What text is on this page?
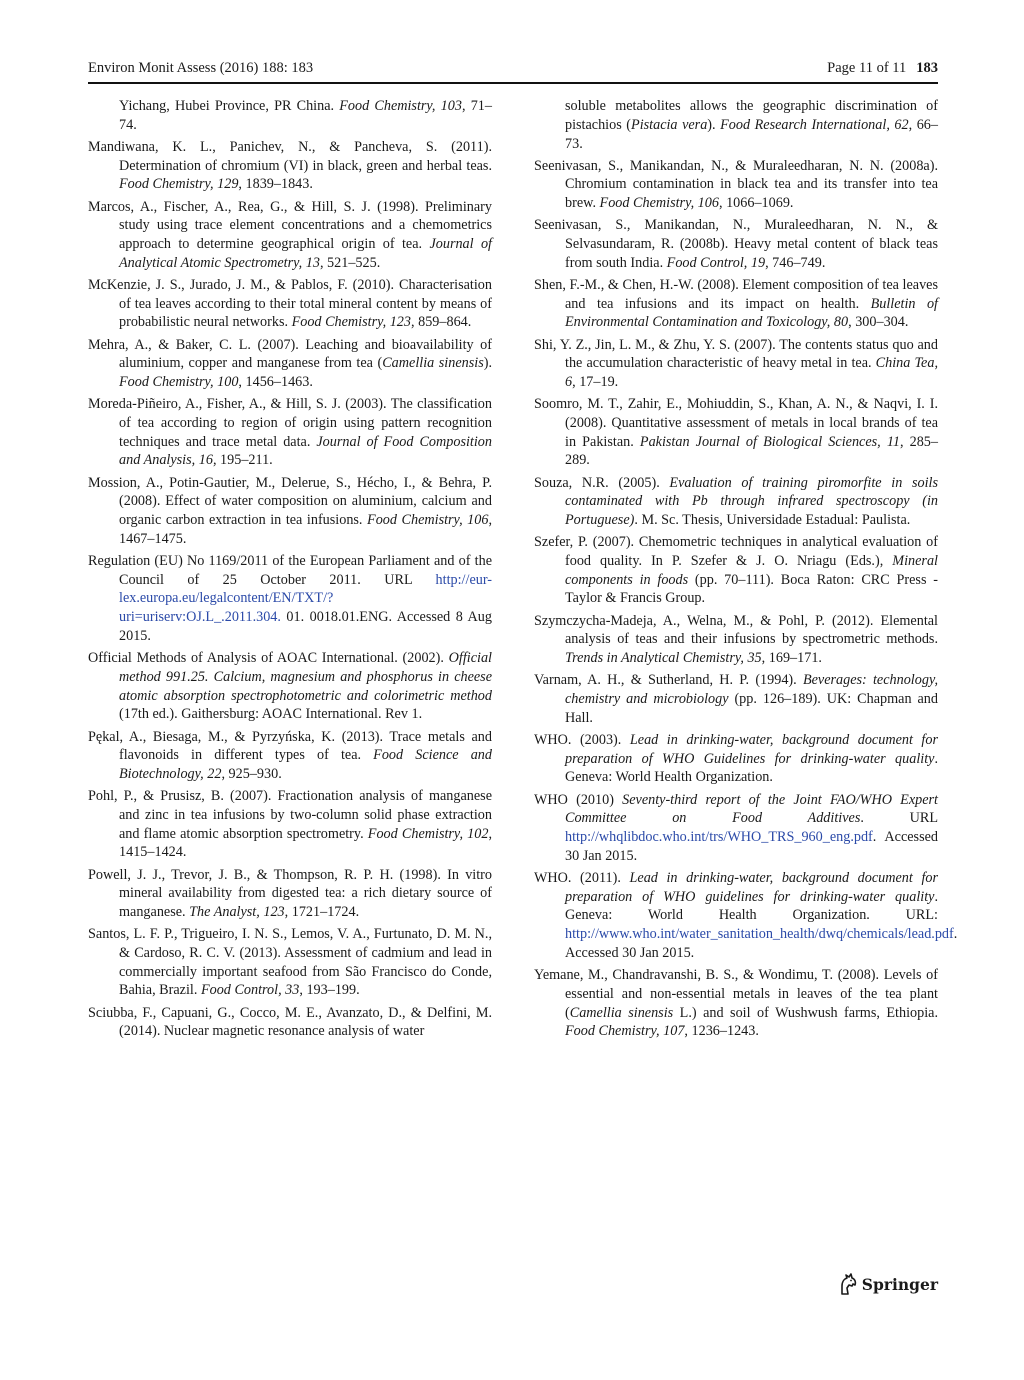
Environ Monit Assess (2016) 188: 183	Page 11 of 11 183

Yichang, Hubei Province, PR China. Food Chemistry, 103, 71–74.

Mandiwana, K. L., Panichev, N., & Pancheva, S. (2011). Determination of chromium (VI) in black, green and herbal teas. Food Chemistry, 129, 1839–1843.

Marcos, A., Fischer, A., Rea, G., & Hill, S. J. (1998). Preliminary study using trace element concentrations and a chemometrics approach to determine geographical origin of tea. Journal of Analytical Atomic Spectrometry, 13, 521–525.

McKenzie, J. S., Jurado, J. M., & Pablos, F. (2010). Characterisation of tea leaves according to their total mineral content by means of probabilistic neural networks. Food Chemistry, 123, 859–864.

Mehra, A., & Baker, C. L. (2007). Leaching and bioavailability of aluminium, copper and manganese from tea (Camellia sinensis). Food Chemistry, 100, 1456–1463.

Moreda-Piñeiro, A., Fisher, A., & Hill, S. J. (2003). The classification of tea according to region of origin using pattern recognition techniques and trace metal data. Journal of Food Composition and Analysis, 16, 195–211.

Mossion, A., Potin-Gautier, M., Delerue, S., Hécho, I., & Behra, P. (2008). Effect of water composition on aluminium, calcium and organic carbon extraction in tea infusions. Food Chemistry, 106, 1467–1475.

Regulation (EU) No 1169/2011 of the European Parliament and of the Council of 25 October 2011. URL http://eur-lex.europa.eu/legalcontent/EN/TXT/?uri=uriserv:OJ.L_.2011.304. 01. 0018.01.ENG. Accessed 8 Aug 2015.

Official Methods of Analysis of AOAC International. (2002). Official method 991.25. Calcium, magnesium and phosphorus in cheese atomic absorption spectrophotometric and colorimetric method (17th ed.). Gaithersburg: AOAC International. Rev 1.

Pękal, A., Biesaga, M., & Pyrzyńska, K. (2013). Trace metals and flavonoids in different types of tea. Food Science and Biotechnology, 22, 925–930.

Pohl, P., & Prusisz, B. (2007). Fractionation analysis of manganese and zinc in tea infusions by two-column solid phase extraction and flame atomic absorption spectrometry. Food Chemistry, 102, 1415–1424.

Powell, J. J., Trevor, J. B., & Thompson, R. P. H. (1998). In vitro mineral availability from digested tea: a rich dietary source of manganese. The Analyst, 123, 1721–1724.

Santos, L. F. P., Trigueiro, I. N. S., Lemos, V. A., Furtunato, D. M. N., & Cardoso, R. C. V. (2013). Assessment of cadmium and lead in commercially important seafood from São Francisco do Conde, Bahia, Brazil. Food Control, 33, 193–199.

Sciubba, F., Capuani, G., Cocco, M. E., Avanzato, D., & Delfini, M. (2014). Nuclear magnetic resonance analysis of water

soluble metabolites allows the geographic discrimination of pistachios (Pistacia vera). Food Research International, 62, 66–73.

Seenivasan, S., Manikandan, N., & Muraleedharan, N. N. (2008a). Chromium contamination in black tea and its transfer into tea brew. Food Chemistry, 106, 1066–1069.

Seenivasan, S., Manikandan, N., Muraleedharan, N. N., & Selvasundaram, R. (2008b). Heavy metal content of black teas from south India. Food Control, 19, 746–749.

Shen, F.-M., & Chen, H.-W. (2008). Element composition of tea leaves and tea infusions and its impact on health. Bulletin of Environmental Contamination and Toxicology, 80, 300–304.

Shi, Y. Z., Jin, L. M., & Zhu, Y. S. (2007). The contents status quo and the accumulation characteristic of heavy metal in tea. China Tea, 6, 17–19.

Soomro, M. T., Zahir, E., Mohiuddin, S., Khan, A. N., & Naqvi, I. I. (2008). Quantitative assessment of metals in local brands of tea in Pakistan. Pakistan Journal of Biological Sciences, 11, 285–289.

Souza, N.R. (2005). Evaluation of training piromorfite in soils contaminated with Pb through infrared spectroscopy (in Portuguese). M. Sc. Thesis, Universidade Estadual: Paulista.

Szefer, P. (2007). Chemometric techniques in analytical evaluation of food quality. In P. Szefer & J. O. Nriagu (Eds.), Mineral components in foods (pp. 70–111). Boca Raton: CRC Press - Taylor & Francis Group.

Szymczycha-Madeja, A., Welna, M., & Pohl, P. (2012). Elemental analysis of teas and their infusions by spectrometric methods. Trends in Analytical Chemistry, 35, 169–171.

Varnam, A. H., & Sutherland, H. P. (1994). Beverages: technology, chemistry and microbiology (pp. 126–189). UK: Chapman and Hall.

WHO. (2003). Lead in drinking-water, background document for preparation of WHO Guidelines for drinking-water quality. Geneva: World Health Organization.

WHO (2010) Seventy-third report of the Joint FAO/WHO Expert Committee on Food Additives. URL http://whqlibdoc.who.int/trs/WHO_TRS_960_eng.pdf. Accessed 30 Jan 2015.

WHO. (2011). Lead in drinking-water, background document for preparation of WHO guidelines for drinking-water quality. Geneva: World Health Organization. URL: http://www.who.int/water_sanitation_health/dwq/chemicals/lead.pdf. Accessed 30 Jan 2015.

Yemane, M., Chandravanshi, B. S., & Wondimu, T. (2008). Levels of essential and non-essential metals in leaves of the tea plant (Camellia sinensis L.) and soil of Wushwush farms, Ethiopia. Food Chemistry, 107, 1236–1243.

Springer
